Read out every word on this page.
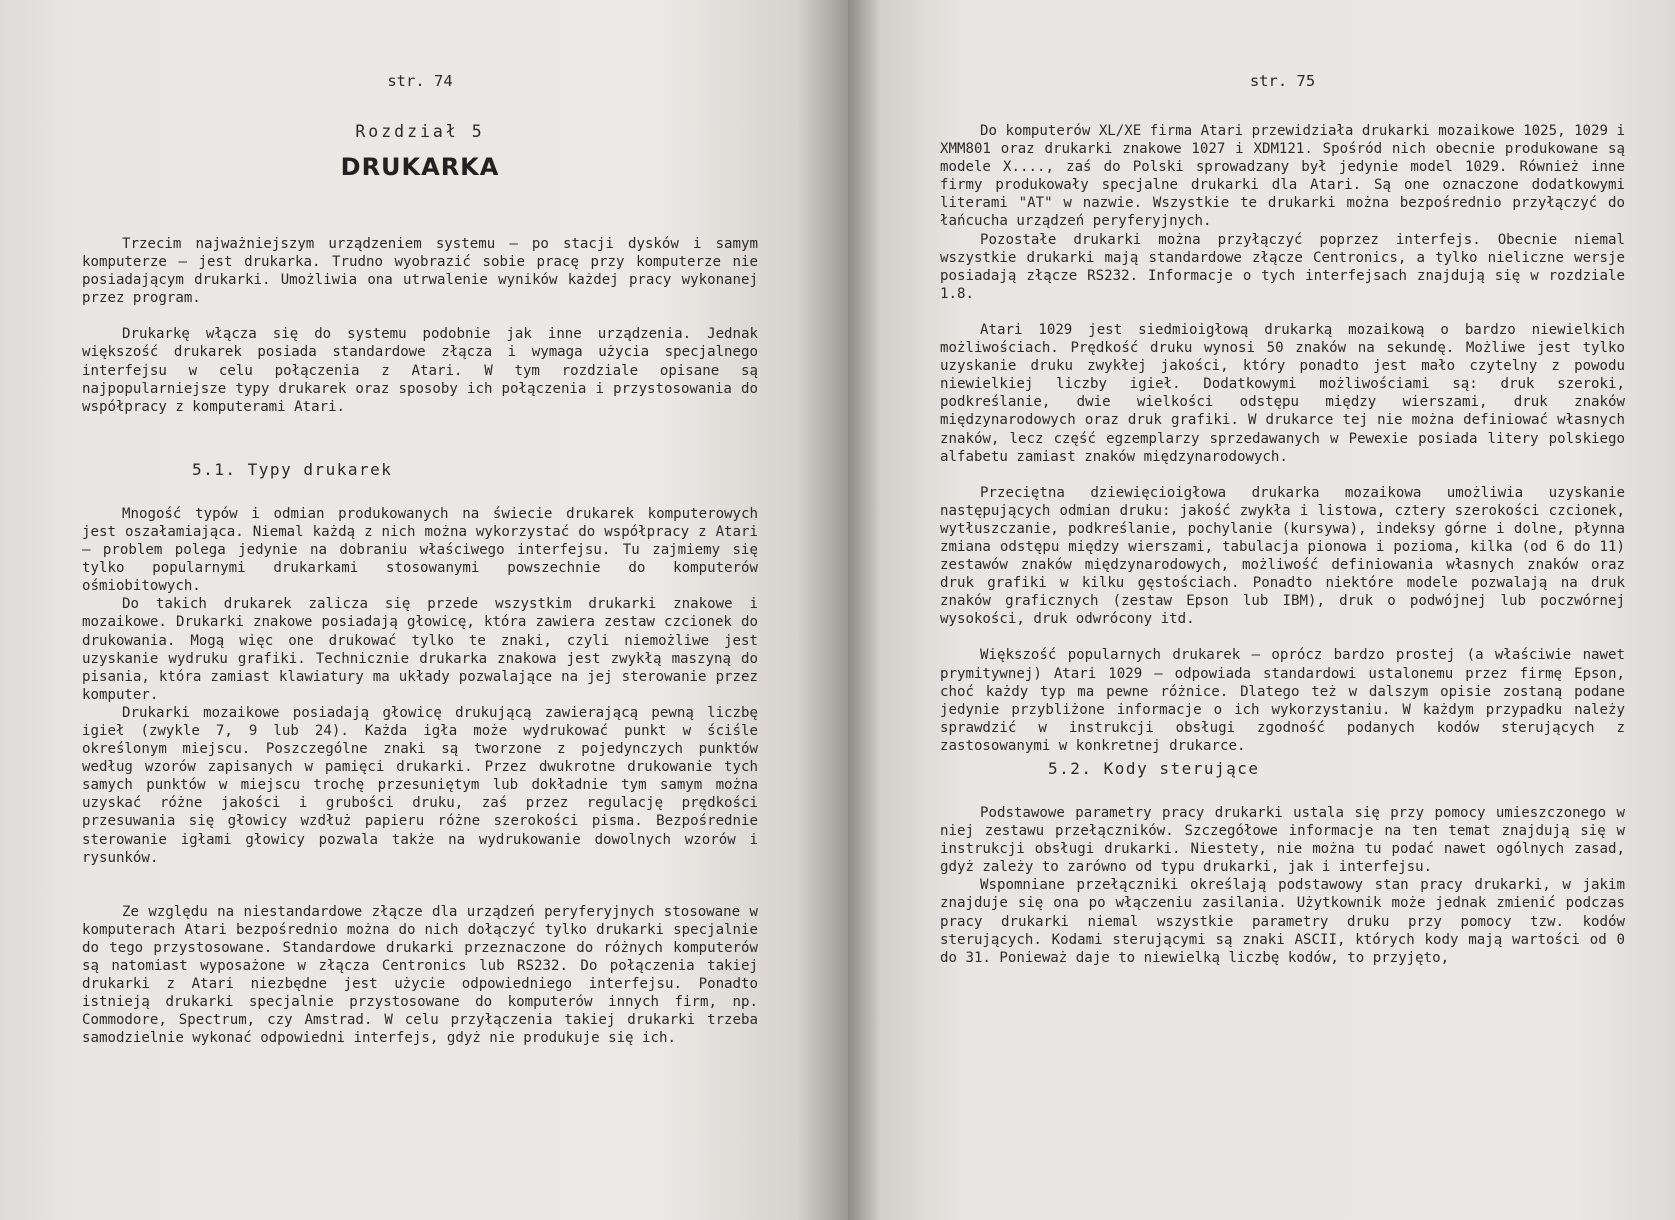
str. 74
Rozdział 5
DRUKARKA

Trzecim najważniejszym urządzeniem systemu – po stacji dysków i samym komputerze – jest drukarka. Trudno wyobrazić sobie pracę przy komputerze nie posiadającym drukarki. Umożliwia ona utrwalenie wyników każdej pracy wykonanej przez program.

Drukarkę włącza się do systemu podobnie jak inne urządzenia. Jednak większość drukarek posiada standardowe złącza i wymaga użycia specjalnego interfejsu w celu połączenia z Atari. W tym rozdziale opisane są najpopularniejsze typy drukarek oraz sposoby ich połączenia i przystosowania do współpracy z komputerami Atari.

5.1. Typy drukarek

Mnogość typów i odmian produkowanych na świecie drukarek komputerowych jest oszałamiająca. Niemal każdą z nich można wykorzystać do współpracy z Atari – problem polega jedynie na dobraniu właściwego interfejsu. Tu zajmiemy się tylko popularnymi drukarkami stosowanymi powszechnie do komputerów ośmiobitowych.

Do takich drukarek zalicza się przede wszystkim drukarki znakowe i mozaikowe. Drukarki znakowe posiadają głowicę, która zawiera zestaw czcionek do drukowania. Mogą więc one drukować tylko te znaki, czyli niemożliwe jest uzyskanie wydruku grafiki. Technicznie drukarka znakowa jest zwykłą maszyną do pisania, która zamiast klawiatury ma układy pozwalające na jej sterowanie przez komputer.

Drukarki mozaikowe posiadają głowicę drukującą zawierającą pewną liczbę igieł (zwykle 7, 9 lub 24). Każda igła może wydrukować punkt w ściśle określonym miejscu. Poszczególne znaki są tworzone z pojedynczych punktów według wzorów zapisanych w pamięci drukarki. Przez dwukrotne drukowanie tych samych punktów w miejscu trochę przesuniętym lub dokładnie tym samym można uzyskać różne jakości i grubości druku, zaś przez regulację prędkości przesuwania się głowicy wzdłuż papieru różne szerokości pisma. Bezpośrednie sterowanie igłami głowicy pozwala także na wydrukowanie dowolnych wzorów i rysunków.

Ze względu na niestandardowe złącze dla urządzeń peryferyjnych stosowane w komputerach Atari bezpośrednio można do nich dołączyć tylko drukarki specjalnie do tego przystosowane. Standardowe drukarki przeznaczone do różnych komputerów są natomiast wyposażone w złącza Centronics lub RS232. Do połączenia takiej drukarki z Atari niezbędne jest użycie odpowiedniego interfejsu. Ponadto istnieją drukarki specjalnie przystosowane do komputerów innych firm, np. Commodore, Spectrum, czy Amstrad. W celu przyłączenia takiej drukarki trzeba samodzielnie wykonać odpowiedni interfejs, gdyż nie produkuje się ich.

str. 75

Do komputerów XL/XE firma Atari przewidziała drukarki mozaikowe 1025, 1029 i XMM801 oraz drukarki znakowe 1027 i XDM121. Spośród nich obecnie produkowane są modele X...., zaś do Polski sprowadzany był jedynie model 1029. Również inne firmy produkowały specjalne drukarki dla Atari. Są one oznaczone dodatkowymi literami "AT" w nazwie. Wszystkie te drukarki można bezpośrednio przyłączyć do łańcucha urządzeń peryferyjnych.

Pozostałe drukarki można przyłączyć poprzez interfejs. Obecnie niemal wszystkie drukarki mają standardowe złącze Centronics, a tylko nieliczne wersje posiadają złącze RS232. Informacje o tych interfejsach znajdują się w rozdziale 1.8.

Atari 1029 jest siedmioigłową drukarką mozaikową o bardzo niewielkich możliwościach. Prędkość druku wynosi 50 znaków na sekundę. Możliwe jest tylko uzyskanie druku zwykłej jakości, który ponadto jest mało czytelny z powodu niewielkiej liczby igieł. Dodatkowymi możliwościami są: druk szeroki, podkreślanie, dwie wielkości odstępu między wierszami, druk znaków międzynarodowych oraz druk grafiki. W drukarce tej nie można definiować własnych znaków, lecz część egzemplarzy sprzedawanych w Pewexie posiada litery polskiego alfabetu zamiast znaków międzynarodowych.

Przeciętna dziewięcioigłowa drukarka mozaikowa umożliwia uzyskanie następujących odmian druku: jakość zwykła i listowa, cztery szerokości czcionek, wytłuszczanie, podkreślanie, pochylanie (kursywa), indeksy górne i dolne, płynna zmiana odstępu między wierszami, tabulacja pionowa i pozioma, kilka (od 6 do 11) zestawów znaków międzynarodowych, możliwość definiowania własnych znaków oraz druk grafiki w kilku gęstościach. Ponadto niektóre modele pozwalają na druk znaków graficznych (zestaw Epson lub IBM), druk o podwójnej lub poczwórnej wysokości, druk odwrócony itd.

Większość popularnych drukarek – oprócz bardzo prostej (a właściwie nawet prymitywnej) Atari 1029 – odpowiada standardowi ustalonemu przez firmę Epson, choć każdy typ ma pewne różnice. Dlatego też w dalszym opisie zostaną podane jedynie przybliżone informacje o ich wykorzystaniu. W każdym przypadku należy sprawdzić w instrukcji obsługi zgodność podanych kodów sterujących z zastosowanymi w konkretnej drukarce.

5.2. Kody sterujące

Podstawowe parametry pracy drukarki ustala się przy pomocy umieszczonego w niej zestawu przełączników. Szczegółowe informacje na ten temat znajdują się w instrukcji obsługi drukarki. Niestety, nie można tu podać nawet ogólnych zasad, gdyż zależy to zarówno od typu drukarki, jak i interfejsu.

Wspomniane przełączniki określają podstawowy stan pracy drukarki, w jakim znajduje się ona po włączeniu zasilania. Użytkownik może jednak zmienić podczas pracy drukarki niemal wszystkie parametry druku przy pomocy tzw. kodów sterujących. Kodami sterującymi są znaki ASCII, których kody mają wartości od 0 do 31. Ponieważ daje to niewielką liczbę kodów, to przyjęto,
